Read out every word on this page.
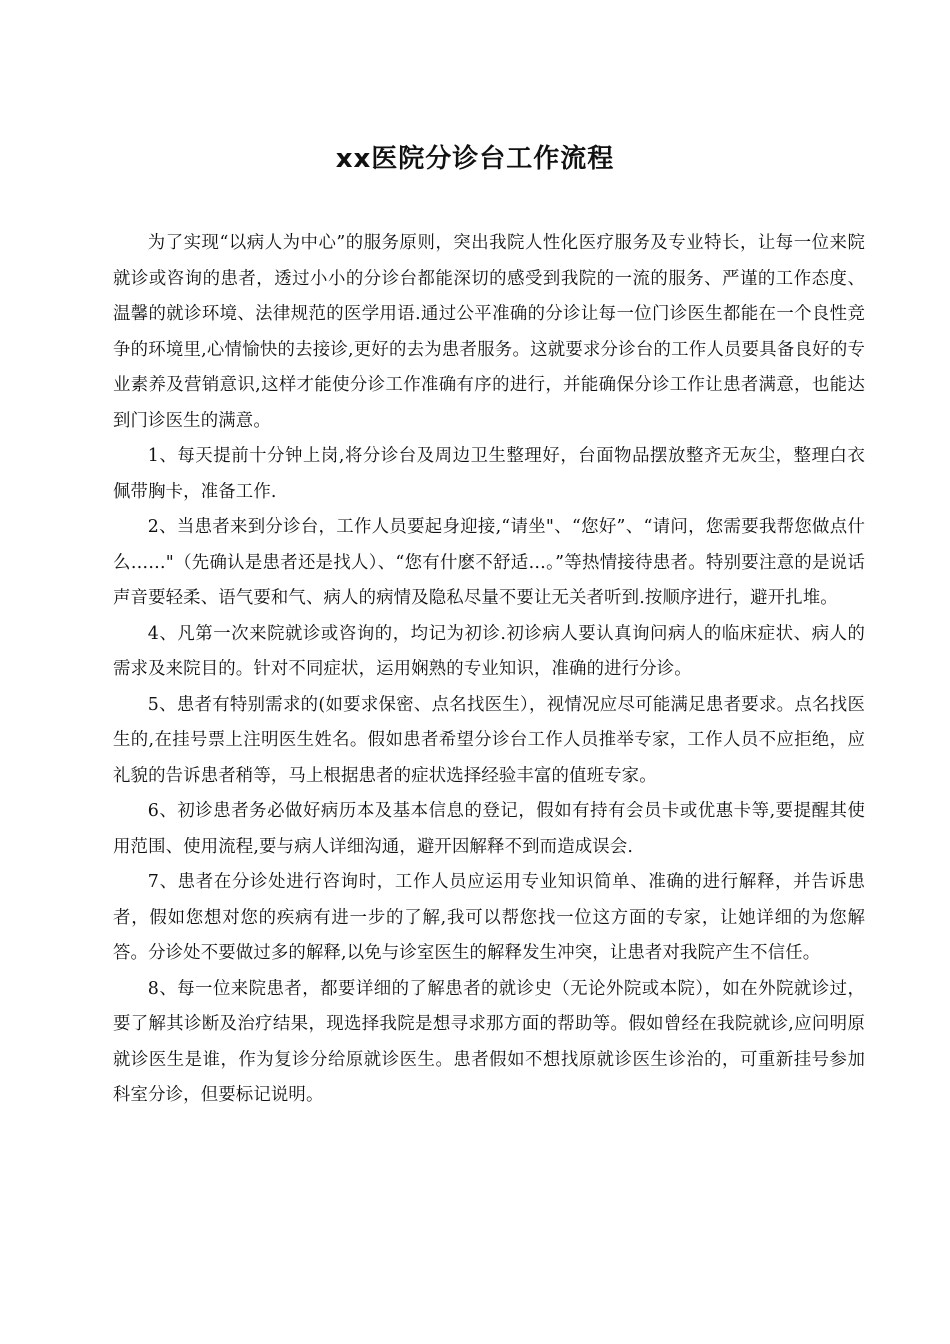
xx医院分诊台工作流程

为了实现“以病人为中心”的服务原则，突出我院人性化医疗服务及专业特长，让每一位来院就诊或咨询的患者，透过小小的分诊台都能深切的感受到我院的一流的服务、严谨的工作态度、温馨的就诊环境、法律规范的医学用语.通过公平准确的分诊让每一位门诊医生都能在一个良性竞争的环境里,心情愉快的去接诊,更好的去为患者服务。这就要求分诊台的工作人员要具备良好的专业素养及营销意识,这样才能使分诊工作准确有序的进行，并能确保分诊工作让患者满意，也能达到门诊医生的满意。

1、每天提前十分钟上岗,将分诊台及周边卫生整理好，台面物品摆放整齐无灰尘，整理白衣佩带胸卡，准备工作.

2、当患者来到分诊台，工作人员要起身迎接,“请坐"、“您好”、“请问，您需要我帮您做点什么……"（先确认是患者还是找人）、“您有什麽不舒适…。”等热情接待患者。特别要注意的是说话声音要轻柔、语气要和气、病人的病情及隐私尽量不要让无关者听到.按顺序进行，避开扎堆。

4、凡第一次来院就诊或咨询的，均记为初诊.初诊病人要认真询问病人的临床症状、病人的需求及来院目的。针对不同症状，运用娴熟的专业知识，准确的进行分诊。

5、患者有特别需求的(如要求保密、点名找医生），视情况应尽可能满足患者要求。点名找医生的,在挂号票上注明医生姓名。假如患者希望分诊台工作人员推举专家，工作人员不应拒绝，应礼貌的告诉患者稍等，马上根据患者的症状选择经验丰富的值班专家。

6、初诊患者务必做好病历本及基本信息的登记，假如有持有会员卡或优惠卡等,要提醒其使用范围、使用流程,要与病人详细沟通，避开因解释不到而造成误会.

7、患者在分诊处进行咨询时，工作人员应运用专业知识简单、准确的进行解释，并告诉患者，假如您想对您的疾病有进一步的了解,我可以帮您找一位这方面的专家，让她详细的为您解答。分诊处不要做过多的解释,以免与诊室医生的解释发生冲突，让患者对我院产生不信任。

8、每一位来院患者，都要详细的了解患者的就诊史（无论外院或本院），如在外院就诊过，要了解其诊断及治疗结果，现选择我院是想寻求那方面的帮助等。假如曾经在我院就诊,应问明原就诊医生是谁，作为复诊分给原就诊医生。患者假如不想找原就诊医生诊治的，可重新挂号参加科室分诊，但要标记说明。
